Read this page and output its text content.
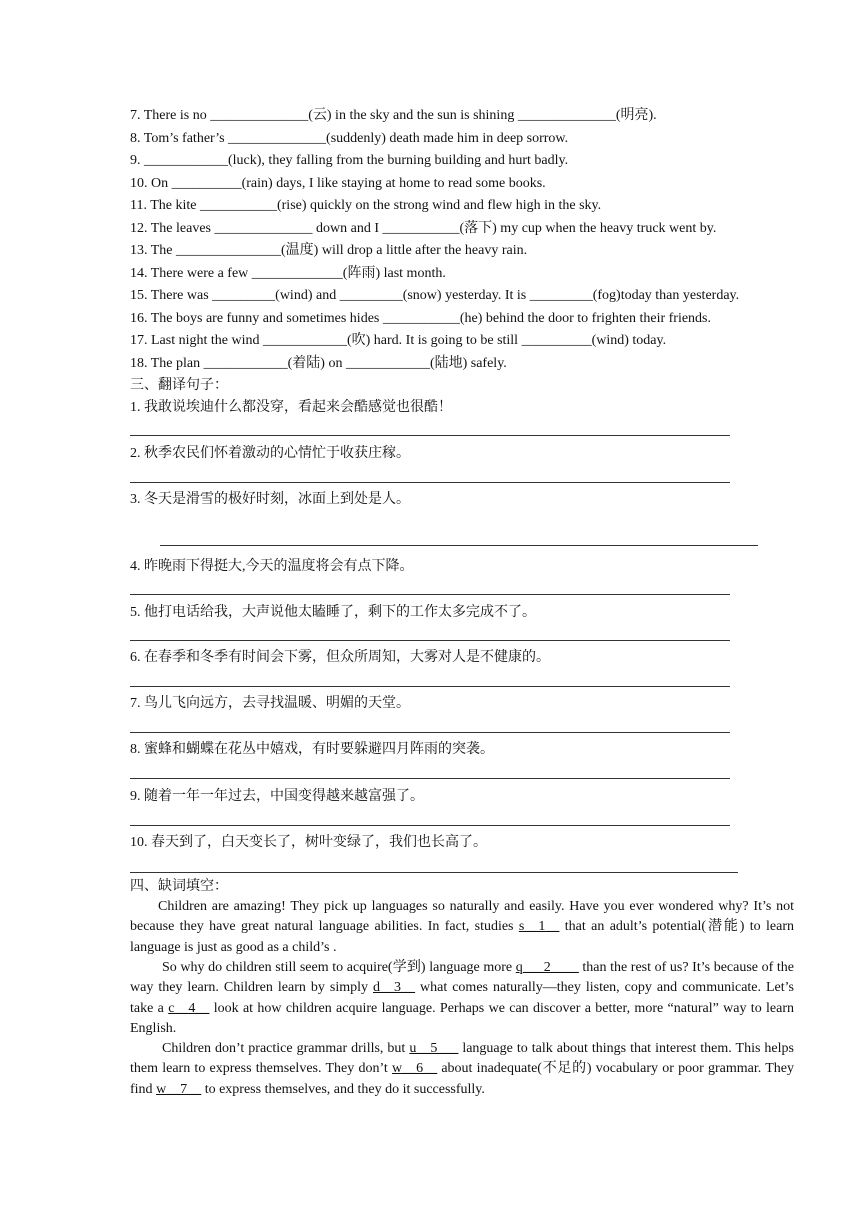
7. There is no ______________(云) in the sky and the sun is shining ______________(明亮).
8. Tom’s father’s ______________(suddenly) death made him in deep sorrow.
9. ____________(luck), they falling from the burning building and hurt badly.
10. On __________(rain) days, I like staying at home to read some books.
11. The kite ___________(rise) quickly on the strong wind and flew high in the sky.
12. The leaves ______________ down and I ___________(落下) my cup when the heavy truck went by.
13. The _______________(温度) will drop a little after the heavy rain.
14. There were a few _____________(阵雨) last month.
15. There was _________(wind) and _________(snow) yesterday. It is _________(fog)today than yesterday.
16. The boys are funny and sometimes hides ___________(he) behind the door to frighten their friends.
17. Last night the wind ____________(吹) hard. It is going to be still __________(wind) today.
18. The plan ____________(着陆) on ____________(陆地) safely.
三、翻译句子：
1. 我敢说埃迪什么都没穿，看起来会酷感觉也很酷！
2. 秋季农民们怀着激动的心情忙于收获庄稼。
3. 冬天是滑雪的极好时刻，冰面上到处是人。
4. 昨晚雨下得挺大,今天的温度将会有点下降。
5. 他打电话给我，大声说他太瞌睡了，剩下的工作太多完成不了。
6. 在春季和冬季有时间会下雾，但众所周知，大雾对人是不健康的。
7. 鸟儿飞向远方，去寻找温暖、明媚的天堂。
8. 蜜蜂和蝴蝶在花丛中嬉戏，有时要躲避四月阵雨的突袭。
9. 随着一年一年过去，中国变得越来越富强了。
10. 春天到了，白天变长了，树叶变绿了，我们也长高了。
四、缺词填空：
Children are amazing! They pick up languages so naturally and easily. Have you ever wondered why? It’s not because they have great natural language abilities. In fact, studies s__1__ that an adult’s potential(潜能) to learn language is just as good as a child’s .
So why do children still seem to acquire(学到) language more q___2____ than the rest of us? It’s because of the way they learn. Children learn by simply d__3__ what comes naturally—they listen, copy and communicate. Let’s take a c__4__ look at how children acquire language. Perhaps we can discover a better, more “natural” way to learn English.
Children don’t practice grammar drills, but u__5___ language to talk about things that interest them. This helps them learn to express themselves. They don’t w__6__ about inadequate(不足的) vocabulary or poor grammar. They find w__7__ to express themselves, and they do it successfully.
